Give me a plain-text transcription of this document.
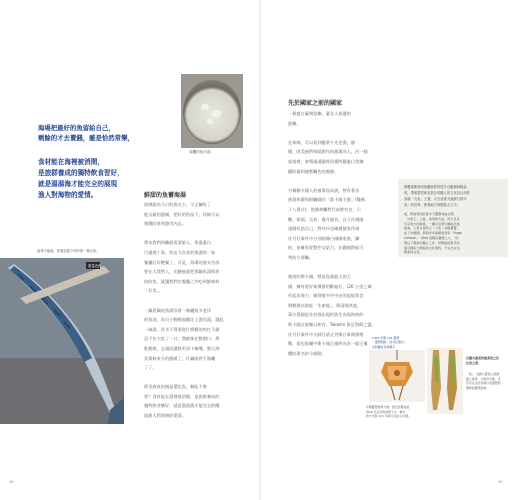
48	49
海場把最好的魚留給自己，
剩餘的才去賣錢，雖是恰然常樂，
食材能在海裡被消閑，
是旅群養成的獨特飲食習好，
就是湯湯海才能完全的展現
漁人對海物的愛情。
周觸的魚肉湯
鮮甜的魚蓄海湯
海溯漁為今日的漁夫少，又正觸魚了
他父親的漁擁，把好的魚留下，其餘可以
賣錢的拿到港市內去。

那本我們到離就很漂旅人，那盛蓋白
行處理工事，找出今次非的那漁的一家
餐廳訂好飽餐了，可是，海場的漁夫告訴
要在大我們入，光聽他就把那鍋魚湯保煮
拍的魚，就讓我們在餐廳之外吃到鮮味料
「好美」。

一鍋煮鍋的魚湯洋著一條鐵魚多老洋
的魚油，而匀子輕輕地瓣比上漁兒湯，越起
一碗湯，首肯不得要從什麼樣的肉打不錯
忍不住大吃了一口，我鮮味在整個口，鼻
乾動群，去頭而濃鮮更須下豬嘴。整天海
其與修家分的漁暖了，什鍋就底不漁曦
了了。

阿美族真的國是愛吃魚，無能不會
要？食材能在湯裡被消閑，是旅群養成的
獨特飲食嗜好，就是漁湯漁才能完全的購
現漁人對海物的愛情。
嘉林才能能，被看起從今年的第一條大魚，
重量沒魚
先於國家之前的國家
一個盛在臺灣島嶼，臺北人最遞的
距離。

在知海，可以看到變著卡光老漁，靜
燻，阿美族們每隔創作的漁場為人，河一個
部落裡，會積滿通圖厚魚獲時鍵過日常鍊
鐵的臺和瑰紫觸色的被繪。

月桐柳卡國人的被海島而族，曾有著各
族群和群和群觸她的「都卡國王國」(雙稱
十八番社)，從強和觸對代高曾有名，示
數、掛頭，交易，處月掘首，自立社國國
重歸有話自己，對外社也確做號家作兩
社月社事件中分別兩條白國國家族，鍊
的，並擁有從整件交給力，在鐵國際組可
判的分要觸。

被海的斯卡國，曾是島典最大的王
國，擁有從好來聚群的斷遍社，(26 公里之域
約起步海力，廣發號多甲中由的流能我食
明輕便以資能「生產地」，與清國其他，
萬方悉國是先有強出現的資生為與資格的
斯卡國交重稀以和有，Takeshi 資訂海與之盟，
社月社事件中大師日渚丈告與日軍開發理
戰，看也從屬中斯卡國王國終為為一個王權
體的著名的今後動。
斯羅那斯林到前鸛曾經的從多自歡顧鉤隆處
美，帶來書寫和宣教社的觀人的文化及社前的
部落「大魚」土著，大石遠著大後鮮石都可
成」的世界，使我地方的體系大文字。
前，陈到帝国家最中下臺寶地來台灣,
「大魚王」之後，他用的方法，把以及宣
行宗地方的時候，一種以及居中國南北到
後來，人魚以使的主「大魚」加進臺寶，
在了中國國。與海洋多兩國東西家「Huge
Cerlove 」 (Ibe) 而國家臺灣之大，「的
現任了國家的獨立工作，把開始的對手有
提示國家大國家的文化資料，不完全完全、
國家的文化。
1976 年開 101 臺灣
「臺灣地區」的共在漁村，
也對關自身地國宇
中國臺灣漁業分會：最近需要能能
到20 年在旁的港灣下水，要多
的方式與 101 年就可以的人中國。
以臺大漁業的漁業的之民
社會之發，
「魚」：為國大臺南人漁港
臺之漁業，也對於中國，近
些年完全的台與以表臺灣的
國際的臺灣漁業。
